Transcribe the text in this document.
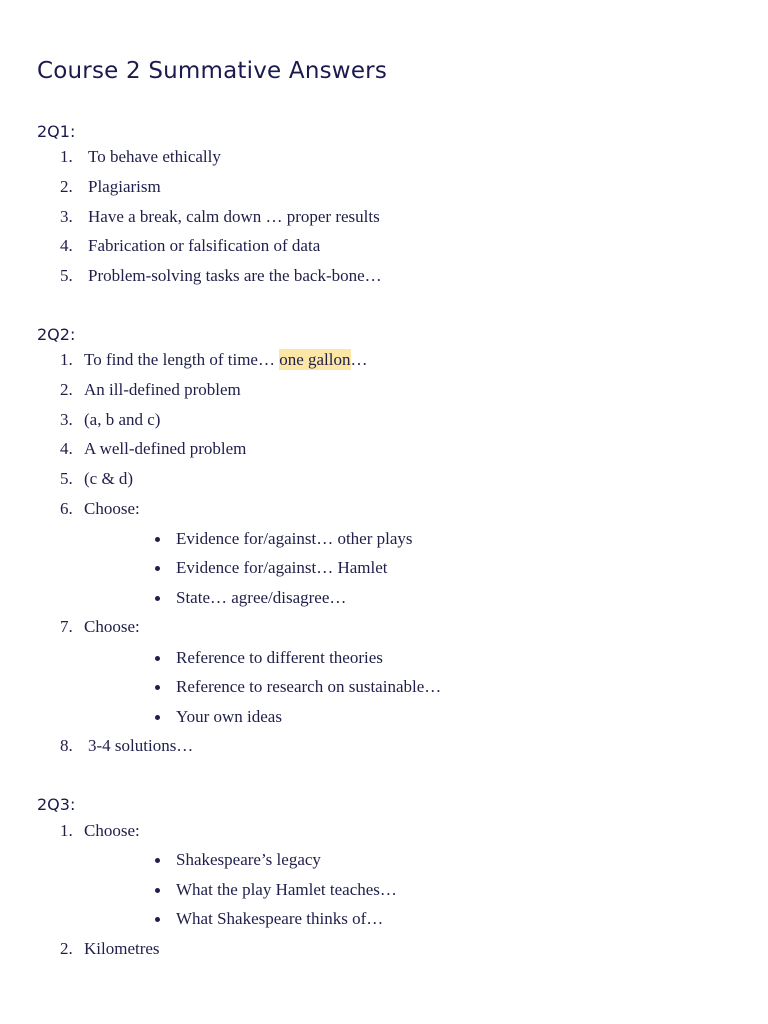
Course 2 Summative Answers
2Q1:
1. To behave ethically
2. Plagiarism
3. Have a break, calm down … proper results
4. Fabrication or falsification of data
5. Problem-solving tasks are the back-bone…
2Q2:
1. To find the length of time… one gallon…
2. An ill-defined problem
3. (a, b and c)
4. A well-defined problem
5. (c & d)
6. Choose:
Evidence for/against… other plays
Evidence for/against… Hamlet
State… agree/disagree…
7. Choose:
Reference to different theories
Reference to research on sustainable…
Your own ideas
8. 3-4 solutions…
2Q3:
1. Choose:
Shakespeare’s legacy
What the play Hamlet teaches…
What Shakespeare thinks of…
2. Kilometres
